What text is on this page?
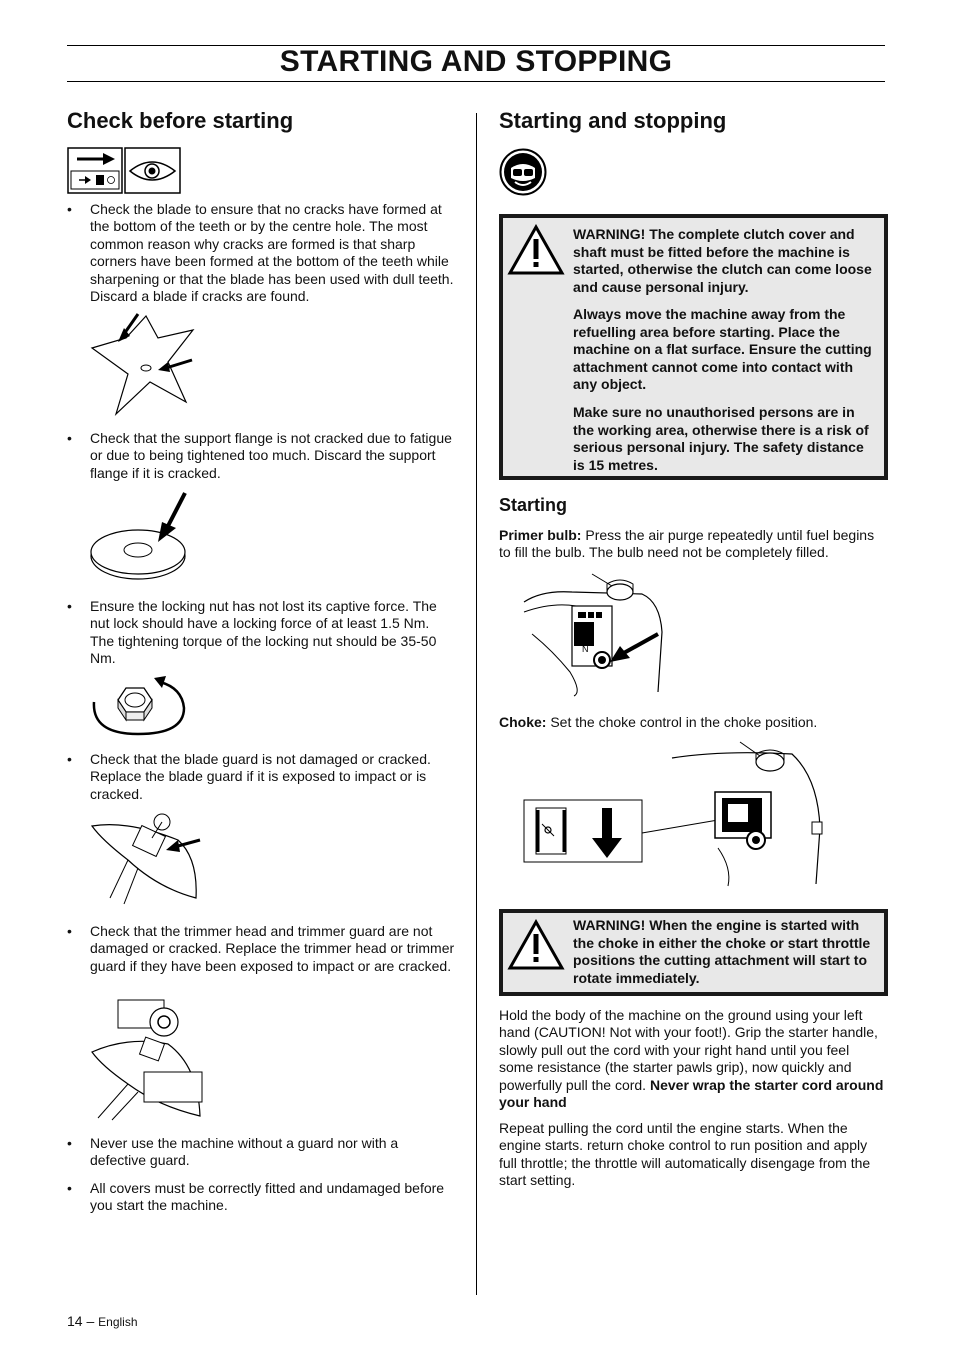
STARTING AND STOPPING
Check before starting
• Check the blade to ensure that no cracks have formed at the bottom of the teeth or by the centre hole. The most common reason why cracks are formed is that sharp corners have been formed at the bottom of the teeth while sharpening or that the blade has been used with dull teeth. Discard a blade if cracks are found.
• Check that the support flange is not cracked due to fatigue or due to being tightened too much. Discard the support flange if it is cracked.
• Ensure the locking nut has not lost its captive force. The nut lock should have a locking force of at least 1.5 Nm. The tightening torque of the locking nut should be 35-50 Nm.
• Check that the blade guard is not damaged or cracked. Replace the blade guard if it is exposed to impact or is cracked.
• Check that the trimmer head and trimmer guard are not damaged or cracked. Replace the trimmer head or trimmer guard if they have been exposed to impact or are cracked.
• Never use the machine without a guard nor with a defective guard.
• All covers must be correctly fitted and undamaged before you start the machine.
14 – English
Starting and stopping
WARNING! The complete clutch cover and shaft must be fitted before the machine is started, otherwise the clutch can come loose and cause personal injury.
Always move the machine away from the refuelling area before starting. Place the machine on a flat surface. Ensure the cutting attachment cannot come into contact with any object.
Make sure no unauthorised persons are in the working area, otherwise there is a risk of serious personal injury. The safety distance is 15 metres.
Starting
Primer bulb: Press the air purge repeatedly until fuel begins to fill the bulb. The bulb need not be completely filled.
N
Choke: Set the choke control in the choke position.
WARNING! When the engine is started with the choke in either the choke or start throttle positions the cutting attachment will start to rotate immediately.
Hold the body of the machine on the ground using your left hand (CAUTION! Not with your foot!). Grip the starter handle, slowly pull out the cord with your right hand until you feel some resistance (the starter pawls grip), now quickly and powerfully pull the cord. Never wrap the starter cord around your hand
Repeat pulling the cord until the engine starts. When the engine starts. return choke control to run position and apply full throttle; the throttle will automatically disengage from the start setting.
